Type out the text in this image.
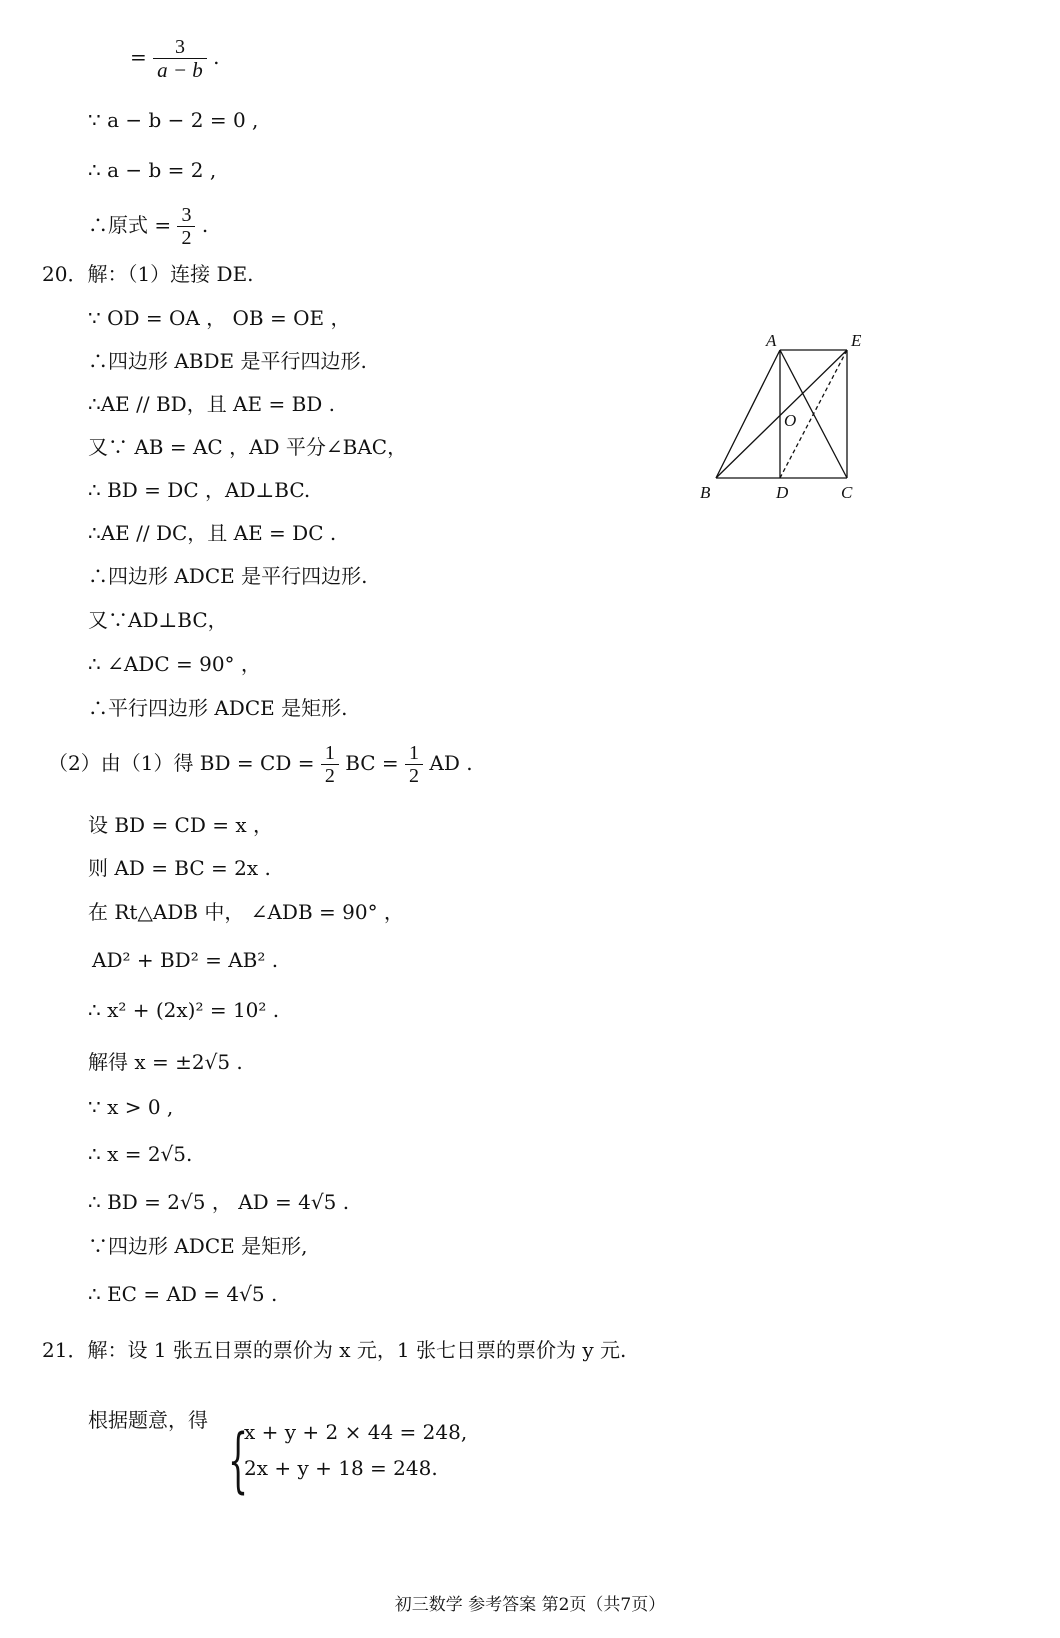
= $\frac{3}{a - b}$ .
∵ a − b − 2 = 0 ,
∴ a − b = 2 ,
∴原式 = $\frac{3}{2}$ .
20．解：（1）连接 DE.
∵ OD = OA ， OB = OE ，
∴四边形 ABDE 是平行四边形.
∴AE // BD，且 AE = BD .
又∵ AB = AC ，AD 平分∠BAC，
∴ BD = DC ，AD⊥BC.
∴AE // DC，且 AE = DC .
∴四边形 ADCE 是平行四边形.
又∵AD⊥BC，
∴ ∠ADC = 90° ，
∴平行四边形 ADCE 是矩形.
（2）由（1）得 BD = CD = $\frac{1}{2}$ BC = $\frac{1}{2}$ AD .
设 BD = CD = x ，
则 AD = BC = 2x .
在 Rt△ADB 中， ∠ADB = 90° ，
AD² + BD² = AB² .
∴ x² + (2x)² = 10² .
解得 x = ±2√5 .
∵ x > 0 ,
∴ x = 2√5.
∴ BD = 2√5 ， AD = 4√5 .
∵四边形 ADCE 是矩形,
∴ EC = AD = 4√5 .
21．解：设 1 张五日票的票价为 x 元，1 张七日票的票价为 y 元.
根据题意，得 {
x + y + 2 × 44 = 248,
2x + y + 18 = 248.
A	E
O
B	D	C
初三数学 参考答案 第2页（共7页）
